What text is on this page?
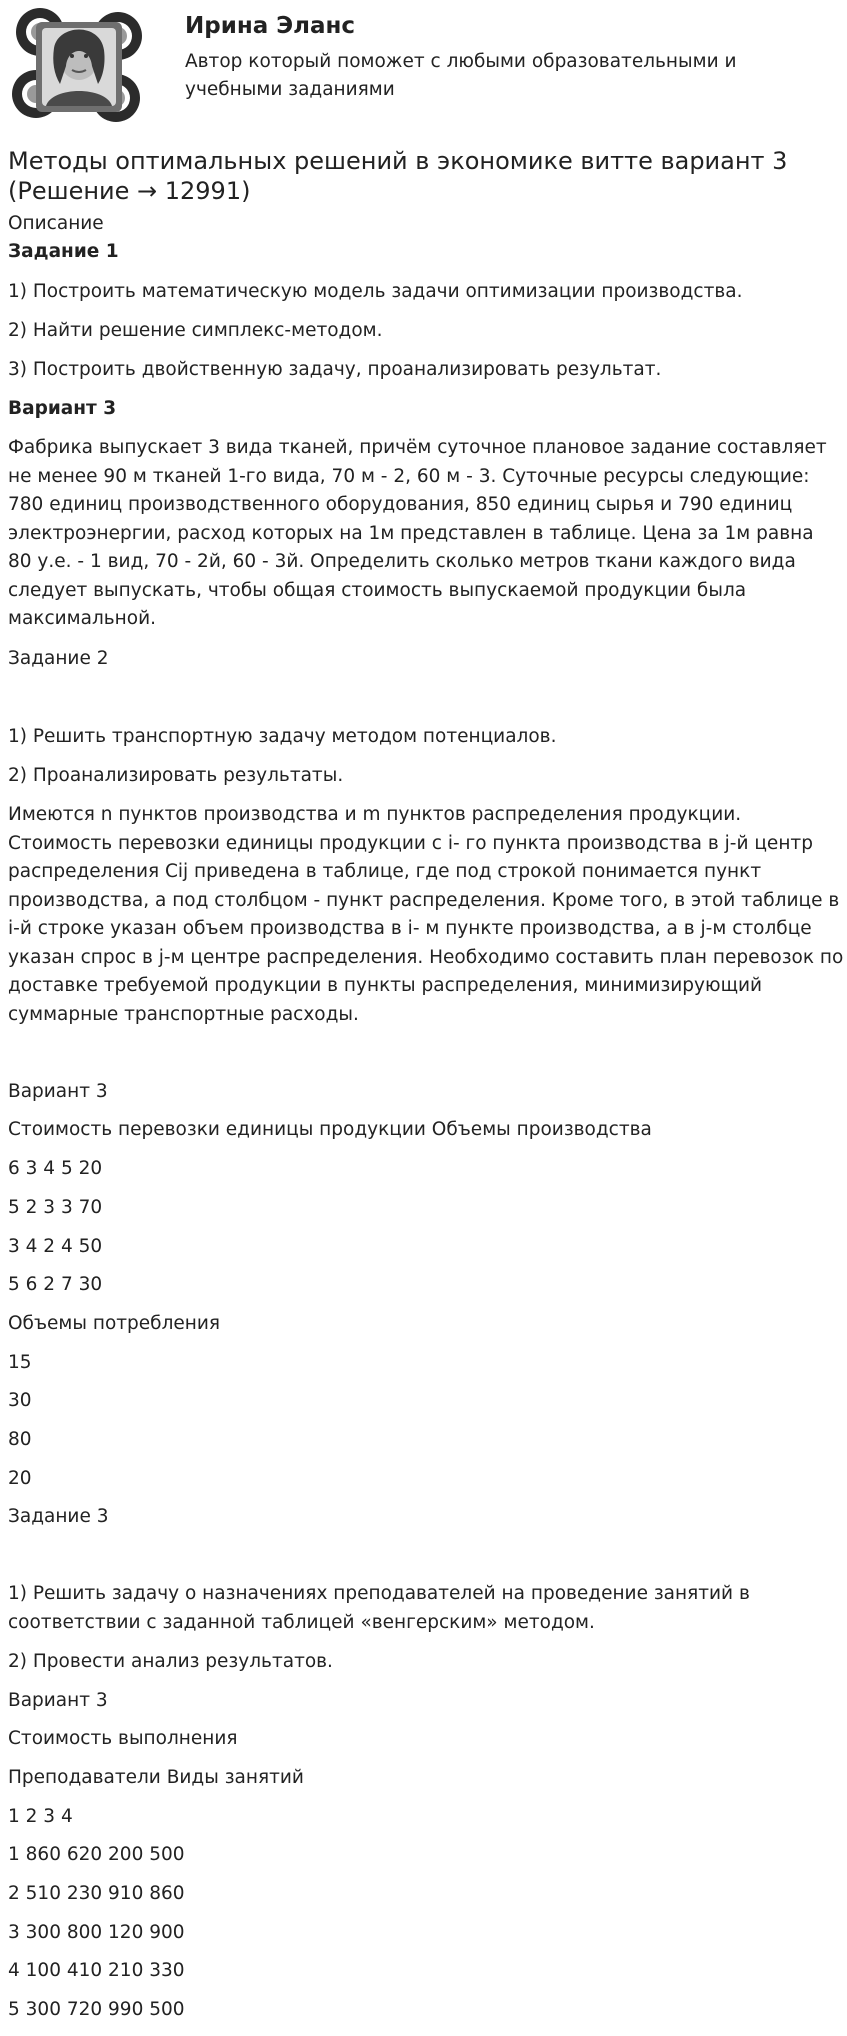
Ирина Эланс
Автор который поможет с любыми образовательными и учебными заданиями
Методы оптимальных решений в экономике витте вариант 3 (Решение → 12991)
Описание
Задание 1
1) Построить математическую модель задачи оптимизации производства.
2) Найти решение симплекс-методом.
3) Построить двойственную задачу, проанализировать результат.
Вариант 3
Фабрика выпускает 3 вида тканей, причём суточное плановое задание составляет не менее 90 м тканей 1-го вида, 70 м - 2, 60 м - 3. Суточные ресурсы следующие: 780 единиц производственного оборудования, 850 единиц сырья и 790 единиц электроэнергии, расход которых на 1м представлен в таблице. Цена за 1м равна 80 у.е. - 1 вид, 70 - 2й, 60 - 3й. Определить сколько метров ткани каждого вида следует выпускать, чтобы общая стоимость выпускаемой продукции была максимальной.
Задание 2
1) Решить транспортную задачу методом потенциалов.
2) Проанализировать результаты.
Имеются n пунктов производства и m пунктов распределения продукции. Стоимость перевозки единицы продукции с i- го пункта производства в j-й центр распределения Cij приведена в таблице, где под строкой понимается пункт производства, а под столбцом - пункт распределения. Кроме того, в этой таблице в i-й строке указан объем производства в i- м пункте производства, а в j-м столбце указан спрос в j-м центре распределения. Необходимо составить план перевозок по доставке требуемой продукции в пункты распределения, минимизирующий суммарные транспортные расходы.
Вариант 3
Стоимость перевозки единицы продукции Объемы производства
6 3 4 5 20
5 2 3 3 70
3 4 2 4 50
5 6 2 7 30
Объемы потребления
15
30
80
20
Задание 3
1) Решить задачу о назначениях преподавателей на проведение занятий в соответствии с заданной таблицей «венгерским» методом.
2) Провести анализ результатов.
Вариант 3
Стоимость выполнения
Преподаватели Виды занятий
1 2 3 4
1 860 620 200 500
2 510 230 910 860
3 300 800 120 900
4 100 410 210 330
5 300 720 990 500
